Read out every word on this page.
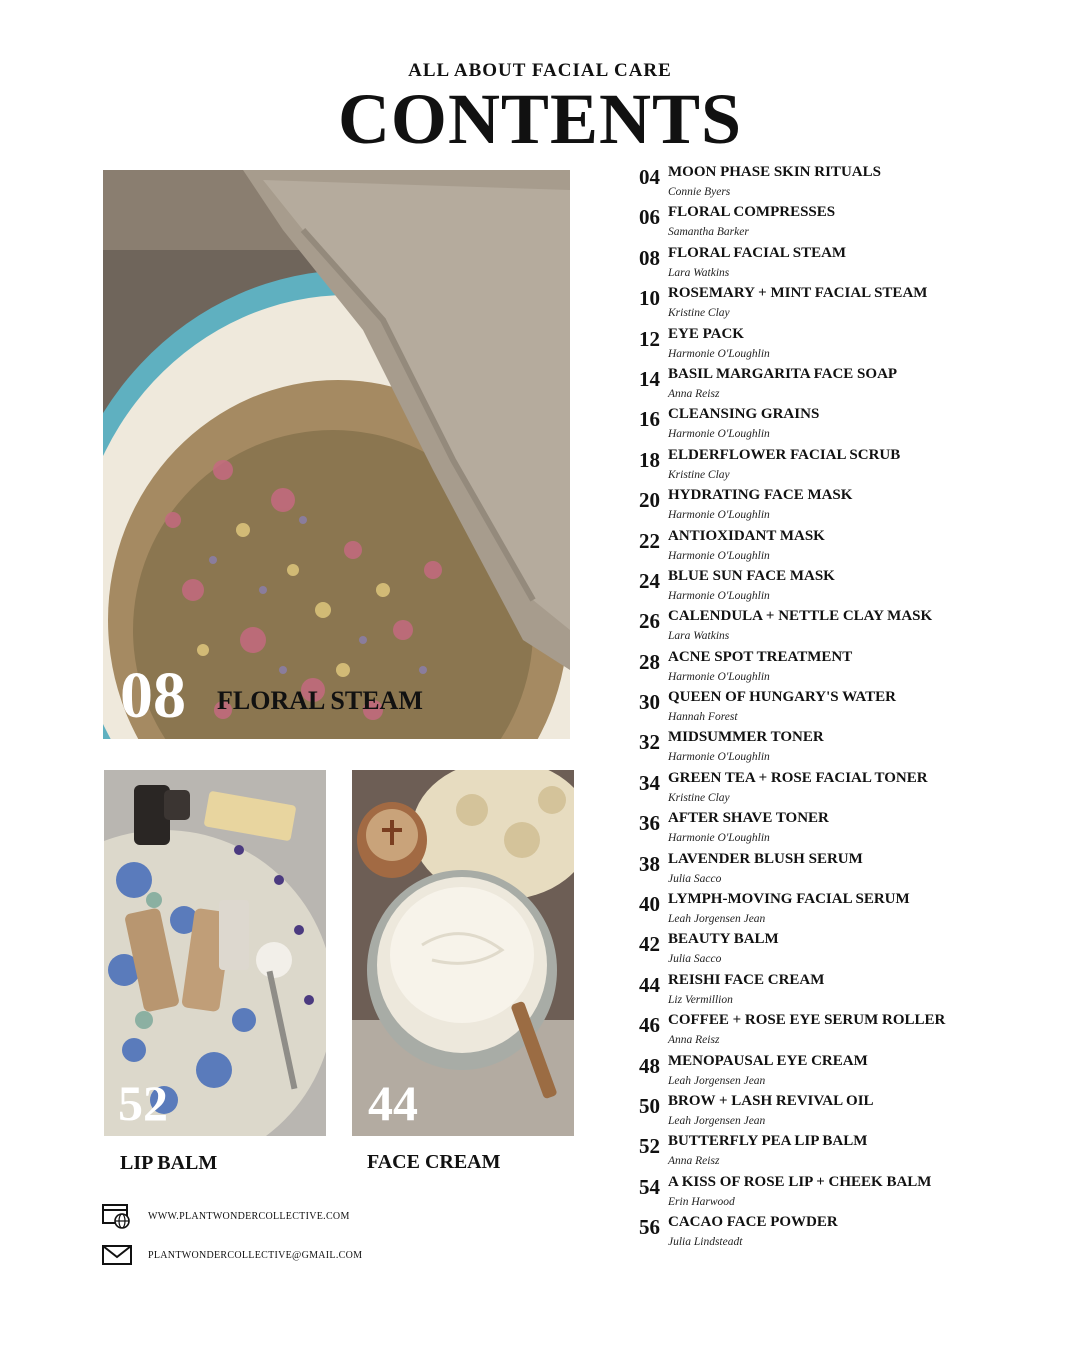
ALL ABOUT FACIAL CARE
CONTENTS
08 FLORAL STEAM
52
LIP BALM
44
FACE CREAM
WWW.PLANTWONDERCOLLECTIVE.COM
PLANTWONDERCOLLECTIVE@GMAIL.COM
04 MOON PHASE SKIN RITUALS
Connie Byers
06 FLORAL COMPRESSES
Samantha Barker
08 FLORAL FACIAL STEAM
Lara Watkins
10 ROSEMARY + MINT FACIAL STEAM
Kristine Clay
12 EYE PACK
Harmonie O'Loughlin
14 BASIL MARGARITA FACE SOAP
Anna Reisz
16 CLEANSING GRAINS
Harmonie O'Loughlin
18 ELDERFLOWER FACIAL SCRUB
Kristine Clay
20 HYDRATING FACE MASK
Harmonie O'Loughlin
22 ANTIOXIDANT MASK
Harmonie O'Loughlin
24 BLUE SUN FACE MASK
Harmonie O'Loughlin
26 CALENDULA + NETTLE CLAY MASK
Lara Watkins
28 ACNE SPOT TREATMENT
Harmonie O'Loughlin
30 QUEEN OF HUNGARY'S WATER
Hannah Forest
32 MIDSUMMER TONER
Harmonie O'Loughlin
34 GREEN TEA + ROSE FACIAL TONER
Kristine Clay
36 AFTER SHAVE TONER
Harmonie O'Loughlin
38 LAVENDER BLUSH SERUM
Julia Sacco
40 LYMPH-MOVING FACIAL SERUM
Leah Jorgensen Jean
42 BEAUTY BALM
Julia Sacco
44 REISHI FACE CREAM
Liz Vermillion
46 COFFEE + ROSE EYE SERUM ROLLER
Anna Reisz
48 MENOPAUSAL EYE CREAM
Leah Jorgensen Jean
50 BROW + LASH REVIVAL OIL
Leah Jorgensen Jean
52 BUTTERFLY PEA LIP BALM
Anna Reisz
54 A KISS OF ROSE LIP + CHEEK BALM
Erin Harwood
56 CACAO FACE POWDER
Julia Lindsteadt
